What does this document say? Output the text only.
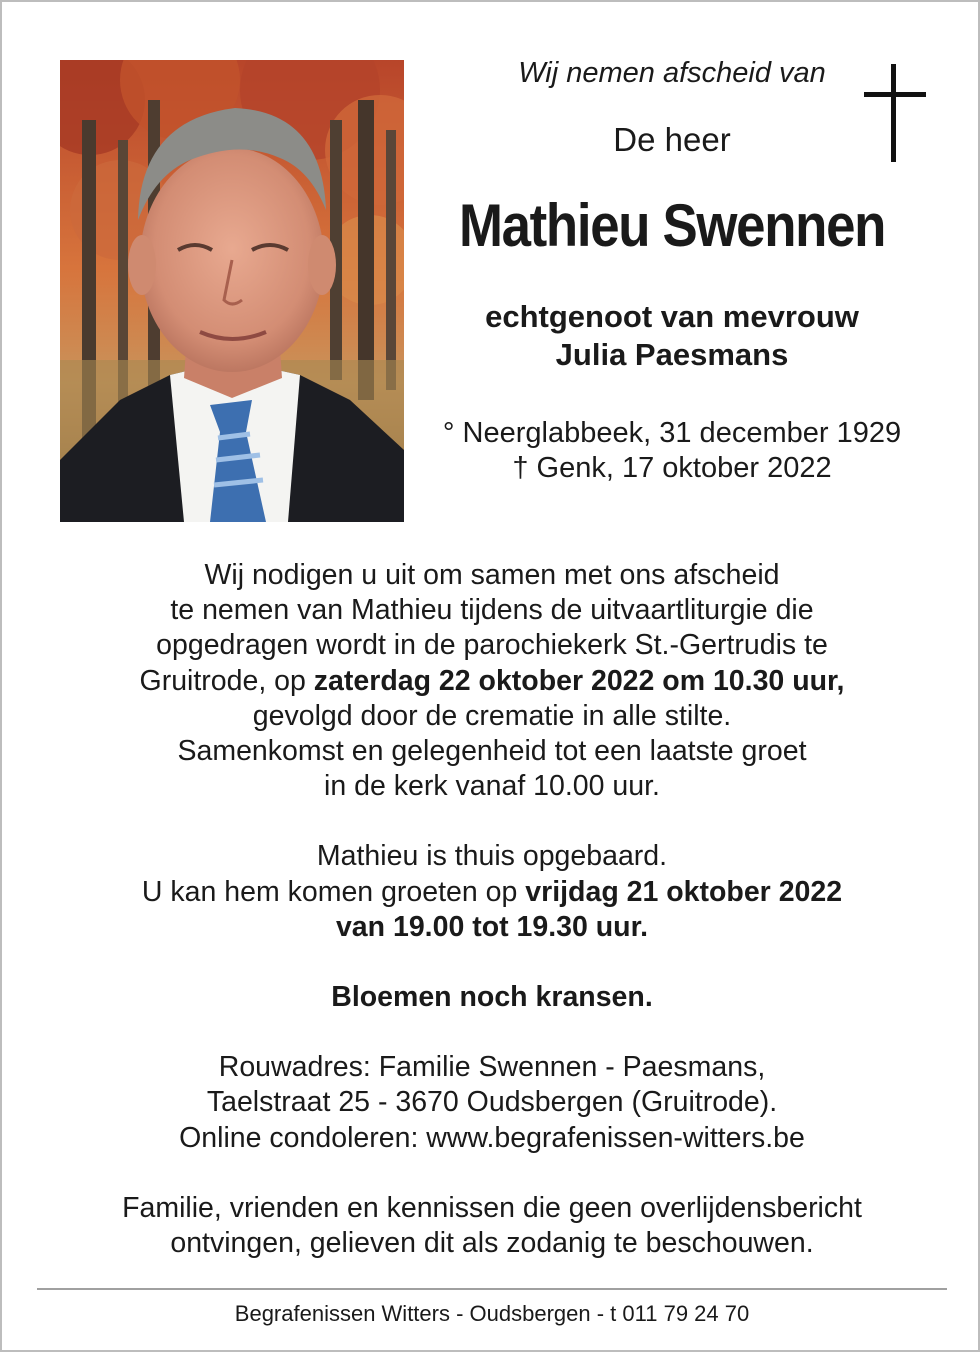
Wij nemen afscheid van
De heer
Mathieu Swennen
echtgenoot van mevrouw
Julia Paesmans
° Neerglabbeek, 31 december 1929
† Genk, 17 oktober 2022

Wij nodigen u uit om samen met ons afscheid
te nemen van Mathieu tijdens de uitvaartliturgie die
opgedragen wordt in de parochiekerk St.-Gertrudis te
Gruitrode, op zaterdag 22 oktober 2022 om 10.30 uur,
gevolgd door de crematie in alle stilte.
Samenkomst en gelegenheid tot een laatste groet
in de kerk vanaf 10.00 uur.

Mathieu is thuis opgebaard.
U kan hem komen groeten op vrijdag 21 oktober 2022
van 19.00 tot 19.30 uur.

Bloemen noch kransen.

Rouwadres: Familie Swennen - Paesmans,
Taelstraat 25 - 3670 Oudsbergen (Gruitrode).
Online condoleren: www.begrafenissen-witters.be

Familie, vrienden en kennissen die geen overlijdensbericht
ontvingen, gelieven dit als zodanig te beschouwen.

Begrafenissen Witters - Oudsbergen - t 011 79 24 70
